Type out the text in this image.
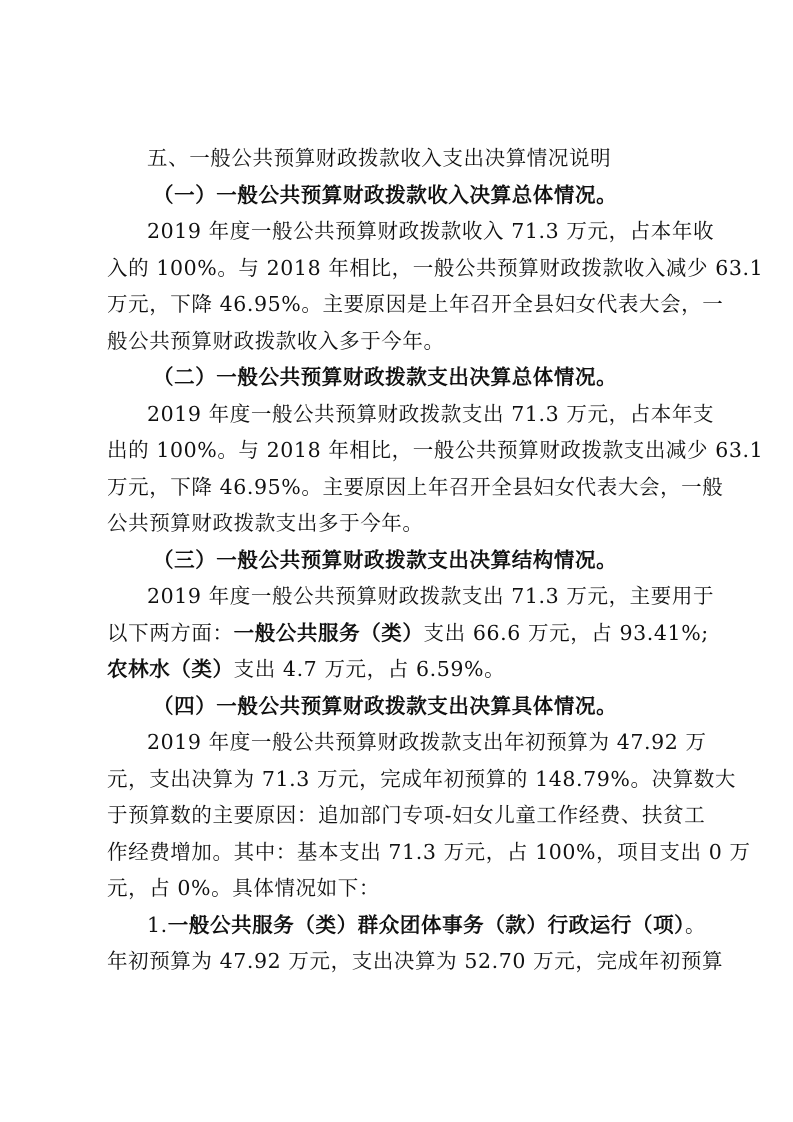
五、一般公共预算财政拨款收入支出决算情况说明
（一）一般公共预算财政拨款收入决算总体情况。
2019 年度一般公共预算财政拨款收入 71.3 万元，占本年收
入的 100%。与 2018 年相比，一般公共预算财政拨款收入减少 63.1
万元，下降 46.95%。主要原因是上年召开全县妇女代表大会，一
般公共预算财政拨款收入多于今年。
（二）一般公共预算财政拨款支出决算总体情况。
2019 年度一般公共预算财政拨款支出 71.3 万元，占本年支
出的 100%。与 2018 年相比，一般公共预算财政拨款支出减少 63.1
万元，下降 46.95%。主要原因上年召开全县妇女代表大会，一般
公共预算财政拨款支出多于今年。
（三）一般公共预算财政拨款支出决算结构情况。
2019 年度一般公共预算财政拨款支出 71.3 万元，主要用于
以下两方面：一般公共服务（类）支出 66.6 万元，占 93.41%;
农林水（类）支出 4.7 万元，占 6.59%。
（四）一般公共预算财政拨款支出决算具体情况。
2019 年度一般公共预算财政拨款支出年初预算为 47.92 万
元，支出决算为 71.3 万元，完成年初预算的 148.79%。决算数大
于预算数的主要原因：追加部门专项-妇女儿童工作经费、扶贫工
作经费增加。其中：基本支出 71.3 万元，占 100%，项目支出 0 万
元，占 0%。具体情况如下：
1.一般公共服务（类）群众团体事务（款）行政运行（项）。
年初预算为 47.92 万元，支出决算为 52.70 万元，完成年初预算
